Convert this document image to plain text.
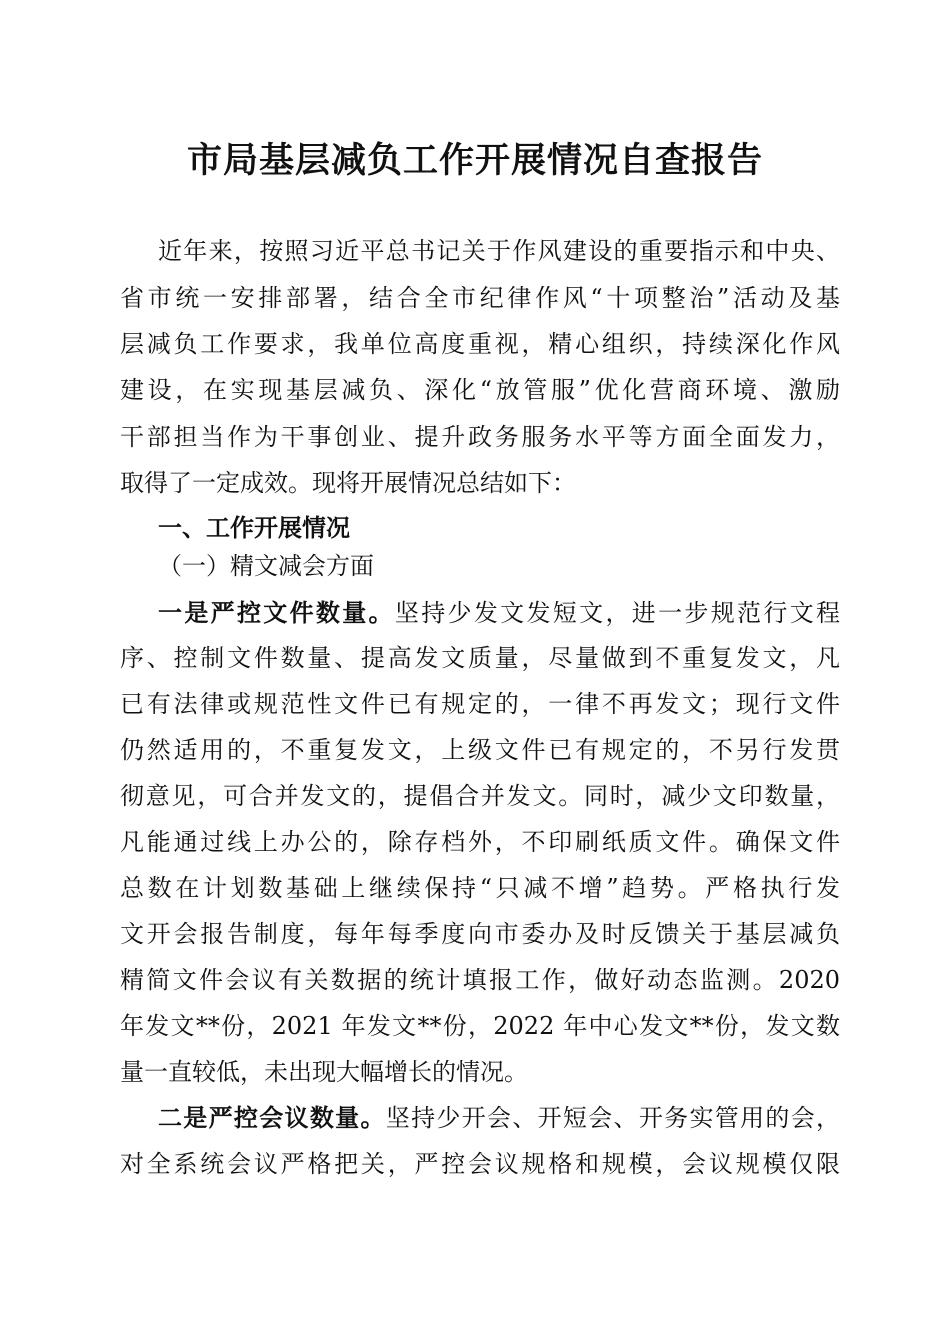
市局基层减负工作开展情况自查报告

近年来，按照习近平总书记关于作风建设的重要指示和中央、

省市统一安排部署，结合全市纪律作风“十项整治”活动及基

层减负工作要求，我单位高度重视，精心组织，持续深化作风

建设，在实现基层减负、深化“放管服”优化营商环境、激励

干部担当作为干事创业、提升政务服务水平等方面全面发力，

取得了一定成效。现将开展情况总结如下：

一、工作开展情况

（一）精文减会方面

一是严控文件数量。坚持少发文发短文，进一步规范行文程

序、控制文件数量、提高发文质量，尽量做到不重复发文，凡

已有法律或规范性文件已有规定的，一律不再发文；现行文件

仍然适用的，不重复发文，上级文件已有规定的，不另行发贯

彻意见，可合并发文的，提倡合并发文。同时，减少文印数量，

凡能通过线上办公的，除存档外，不印刷纸质文件。确保文件

总数在计划数基础上继续保持“只减不增”趋势。严格执行发

文开会报告制度，每年每季度向市委办及时反馈关于基层减负

精简文件会议有关数据的统计填报工作，做好动态监测。2020

年发文**份，2021 年发文**份，2022 年中心发文**份，发文数

量一直较低，未出现大幅增长的情况。

二是严控会议数量。坚持少开会、开短会、开务实管用的会，

对全系统会议严格把关，严控会议规格和规模，会议规模仅限
